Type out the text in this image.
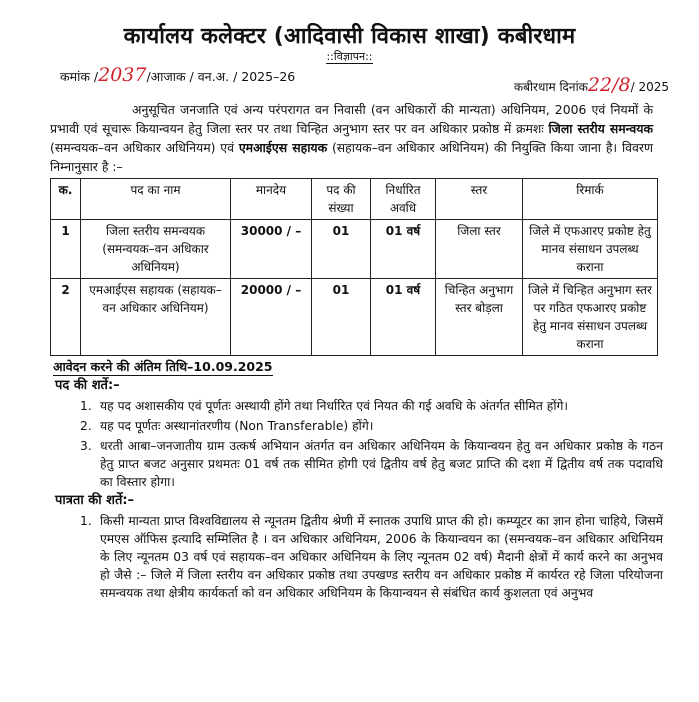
कार्यालय कलेक्टर (आदिवासी विकास शाखा) कबीरधाम
::विज्ञापन::
कमांक /2037/आजाक / वन.अ. / 2025–26
कबीरधाम दिनांक22/8/ 2025
अनुसूचित जनजाति एवं अन्य परंपरागत वन निवासी (वन अधिकारों की मान्यता) अधिनियम, 2006 एवं नियमों के प्रभावी एवं सूचारू कियान्वयन हेतु जिला स्तर पर तथा चिन्हित अनुभाग स्तर पर वन अधिकार प्रकोष्ठ में क्रमशः जिला स्तरीय समन्वयक (समन्वयक–वन अधिकार अधिनियम) एवं एमआईएस सहायक (सहायक–वन अधिकार अधिनियम) की नियुक्ति किया जाना है। विवरण निम्नानुसार है :–
क.	पद का नाम	मानदेय	पद की संख्या	निर्धारित अवधि	स्तर	रिमार्क
1	जिला स्तरीय समन्वयक (समन्वयक–वन अधिकार अधिनियम)	30000 / –	01	01 वर्ष	जिला स्तर	जिले में एफआरए प्रकोष्ट हेतु मानव संसाधन उपलब्ध कराना
2	एमआईएस सहायक (सहायक–वन अधिकार अधिनियम)	20000 / –	01	01 वर्ष	चिन्हित अनुभाग स्तर बोड़ला	जिले में चिन्हित अनुभाग स्तर पर गठित एफआरए प्रकोष्ट हेतु मानव संसाधन उपलब्ध कराना
आवेदन करने की अंतिम तिथि–10.09.2025
पद की शर्ते:–
1. यह पद अशासकीय एवं पूर्णतः अस्थायी होंगे तथा निर्धारित एवं नियत की गई अवधि के अंतर्गत सीमित होंगे।
2. यह पद पूर्णतः अस्थानांतरणीय (Non Transferable) होंगे।
3. धरती आबा–जनजातीय ग्राम उत्कर्ष अभियान अंतर्गत वन अधिकार अधिनियम के कियान्वयन हेतु वन अधिकार प्रकोष्ठ के गठन हेतु प्राप्त बजट अनुसार प्रथमतः 01 वर्ष तक सीमित होगी एवं द्वितीय वर्ष हेतु बजट प्राप्ति की दशा में द्वितीय वर्ष तक पदावधि का विस्तार होगा।
पात्रता की शर्ते:–
1. किसी मान्यता प्राप्त विश्वविद्यालय से न्यूनतम द्वितीय श्रेणी में स्नातक उपाधि प्राप्त की हो। कम्प्यूटर का ज्ञान होना चाहिये, जिसमें एमएस ऑफिस इत्यादि सम्मिलित है । वन अधिकार अधिनियम, 2006 के कियान्वयन का (समन्वयक–वन अधिकार अधिनियम के लिए न्यूनतम 03 वर्ष एवं सहायक–वन अधिकार अधिनियम के लिए न्यूनतम 02 वर्ष) मैदानी क्षेत्रों में कार्य करने का अनुभव हो जैसे :– जिले में जिला स्तरीय वन अधिकार प्रकोष्ठ तथा उपखण्ड स्तरीय वन अधिकार प्रकोष्ठ में कार्यरत रहे जिला परियोजना समन्वयक तथा क्षेत्रीय कार्यकर्ता को वन अधिकार अधिनियम के कियान्वयन से संबंधित कार्य कुशलता एवं अनुभव
